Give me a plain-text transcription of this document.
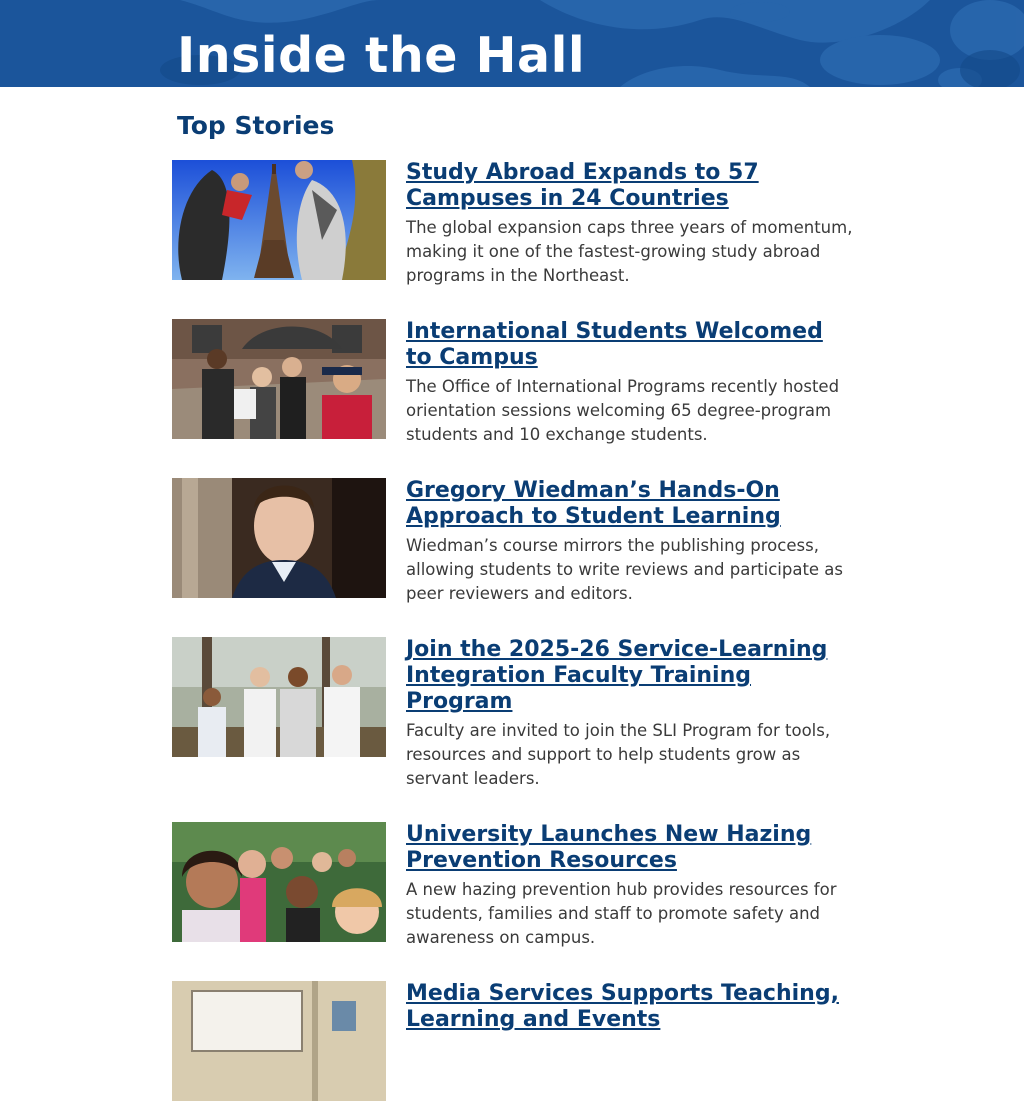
Inside the Hall
Top Stories
Study Abroad Expands to 57 Campuses in 24 Countries

The global expansion caps three years of momentum, making it one of the fastest-growing study abroad programs in the Northeast.

International Students Welcomed to Campus

The Office of International Programs recently hosted orientation sessions welcoming 65 degree-program students and 10 exchange students.

Gregory Wiedman’s Hands-On Approach to Student Learning

Wiedman’s course mirrors the publishing process, allowing students to write reviews and participate as peer reviewers and editors.

Join the 2025-26 Service-Learning Integration Faculty Training Program

Faculty are invited to join the SLI Program for tools, resources and support to help students grow as servant leaders.

University Launches New Hazing Prevention Resources

A new hazing prevention hub provides resources for students, families and staff to promote safety and awareness on campus.

Media Services Supports Teaching, Learning and Events
